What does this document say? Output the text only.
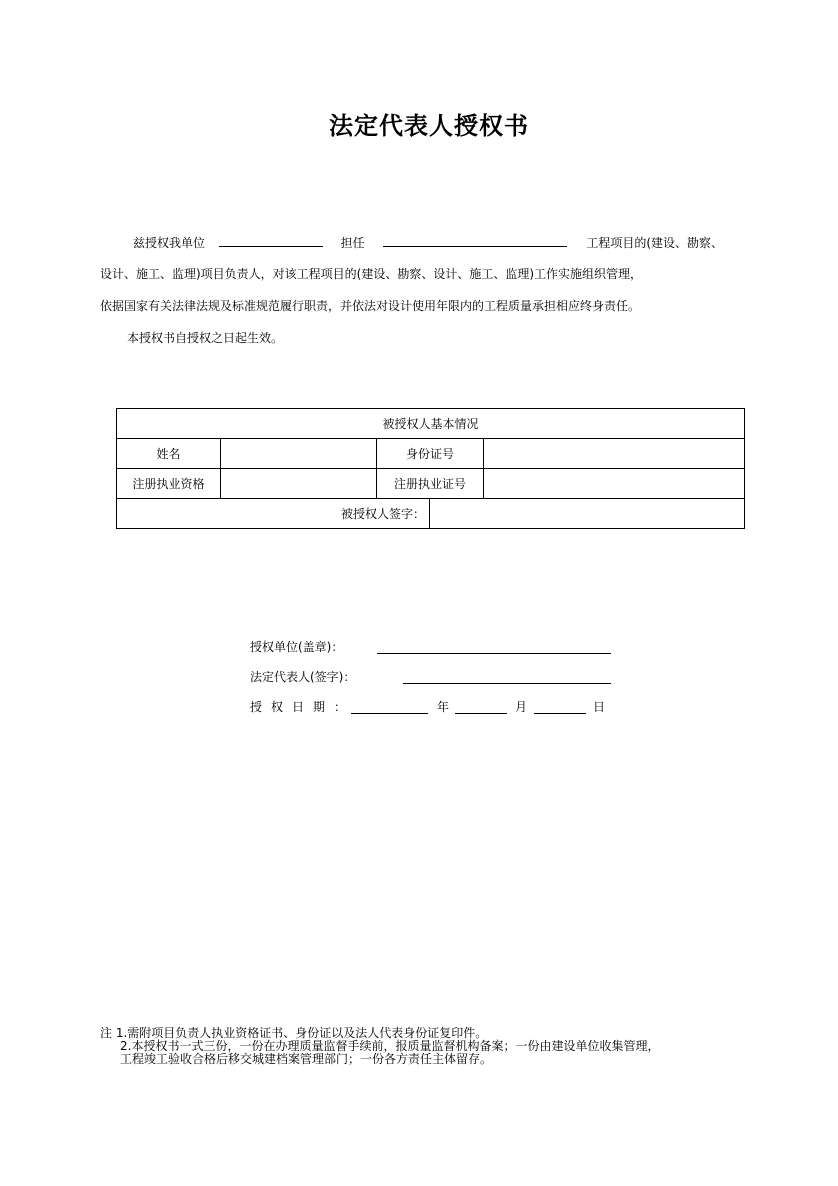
法定代表人授权书
兹授权我单位	担任	工程项目的(建设、勘察、
设计、施工、监理)项目负责人，对该工程项目的(建设、勘察、设计、施工、监理)工作实施组织管理，
依据国家有关法律法规及标准规范履行职责，并依法对设计使用年限内的工程质量承担相应终身责任。
本授权书自授权之日起生效。
被授权人基本情况				
姓名		身份证号		
注册执业资格		注册执业证号		
被授权人签字：				
授权单位(盖章)：
法定代表人(签字)：
授权日期：	年	月	日
注 1.需附项目负责人执业资格证书、身份证以及法人代表身份证复印件。
2.本授权书一式三份，一份在办理质量监督手续前，报质量监督机构备案；一份由建设单位收集管理，
工程竣工验收合格后移交城建档案管理部门；一份各方责任主体留存。
